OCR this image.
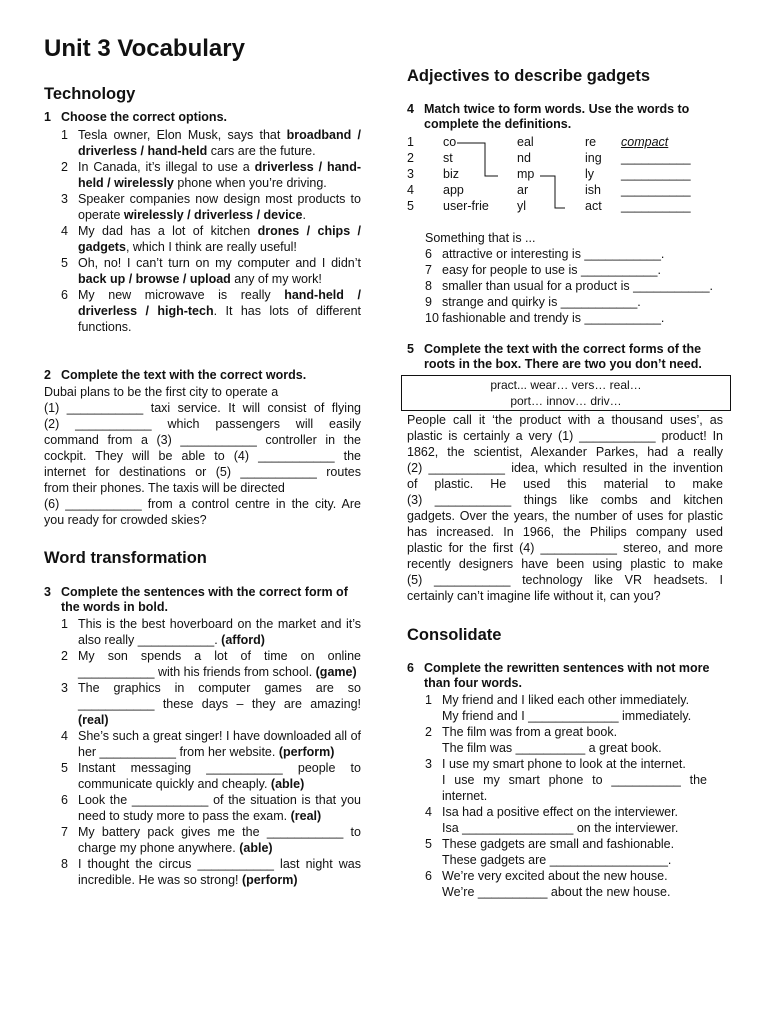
Unit 3 Vocabulary
Technology
1 Choose the correct options.
1 Tesla owner, Elon Musk, says that broadband / driverless / hand-held cars are the future.
2 In Canada, it’s illegal to use a driverless / hand-held / wirelessly phone when you’re driving.
3 Speaker companies now design most products to operate wirelessly / driverless / device.
4 My dad has a lot of kitchen drones / chips / gadgets, which I think are really useful!
5 Oh, no! I can’t turn on my computer and I didn’t back up / browse / upload any of my work!
6 My new microwave is really hand-held / driverless / high-tech. It has lots of different functions.
2 Complete the text with the correct words.
Dubai plans to be the first city to operate a
(1) ___________ taxi service. It will consist of flying
(2) ___________ which passengers will easily
command from a (3) ___________ controller in the
cockpit. They will be able to (4) ___________ the
internet for destinations or (5) ___________ routes
from their phones. The taxis will be directed
(6) ___________ from a control centre in the city. Are
you ready for crowded skies?
Word transformation
3 Complete the sentences with the correct form of the words in bold.
1 This is the best hoverboard on the market and it’s also really ___________. (afford)
2 My son spends a lot of time on online ___________ with his friends from school. (game)
3 The graphics in computer games are so ___________ these days – they are amazing! (real)
4 She’s such a great singer! I have downloaded all of her ___________ from her website. (perform)
5 Instant messaging ___________ people to communicate quickly and cheaply. (able)
6 Look the ___________ of the situation is that you need to study more to pass the exam. (real)
7 My battery pack gives me the ___________ to charge my phone anywhere. (able)
8 I thought the circus ___________ last night was incredible. He was so strong! (perform)
Adjectives to describe gadgets
4 Match twice to form words. Use the words to complete the definitions.
1 co	eal	re compact
2 st	nd	ing __________
3 biz	mp	ly __________
4 app	ar	ish __________
5 user-frie yl	act __________
Something that is ...
6 attractive or interesting is ___________.
7 easy for people to use is ___________.
8 smaller than usual for a product is ___________.
9 strange and quirky is ___________.
10 fashionable and trendy is ___________.
5 Complete the text with the correct forms of the roots in the box. There are two you don’t need.
pract... wear… vers… real…
port… innov… driv…
People call it ‘the product with a thousand uses’, as
plastic is certainly a very (1) ___________ product! In
1862, the scientist, Alexander Parkes, had a really
(2) ___________ idea, which resulted in the invention
of plastic. He used this material to make
(3) ___________ things like combs and kitchen
gadgets. Over the years, the number of uses for plastic
has increased. In 1966, the Philips company used
plastic for the first (4) ___________ stereo, and more
recently designers have been using plastic to make
(5) ___________ technology like VR headsets. I
certainly can’t imagine life without it, can you?
Consolidate
6 Complete the rewritten sentences with not more than four words.
1 My friend and I liked each other immediately.
My friend and I _____________ immediately.
2 The film was from a great book.
The film was __________ a great book.
3 I use my smart phone to look at the internet.
I use my smart phone to __________ the internet.
4 Isa had a positive effect on the interviewer.
Isa ________________ on the interviewer.
5 These gadgets are small and fashionable.
These gadgets are _________________.
6 We’re very excited about the new house.
We’re __________ about the new house.
